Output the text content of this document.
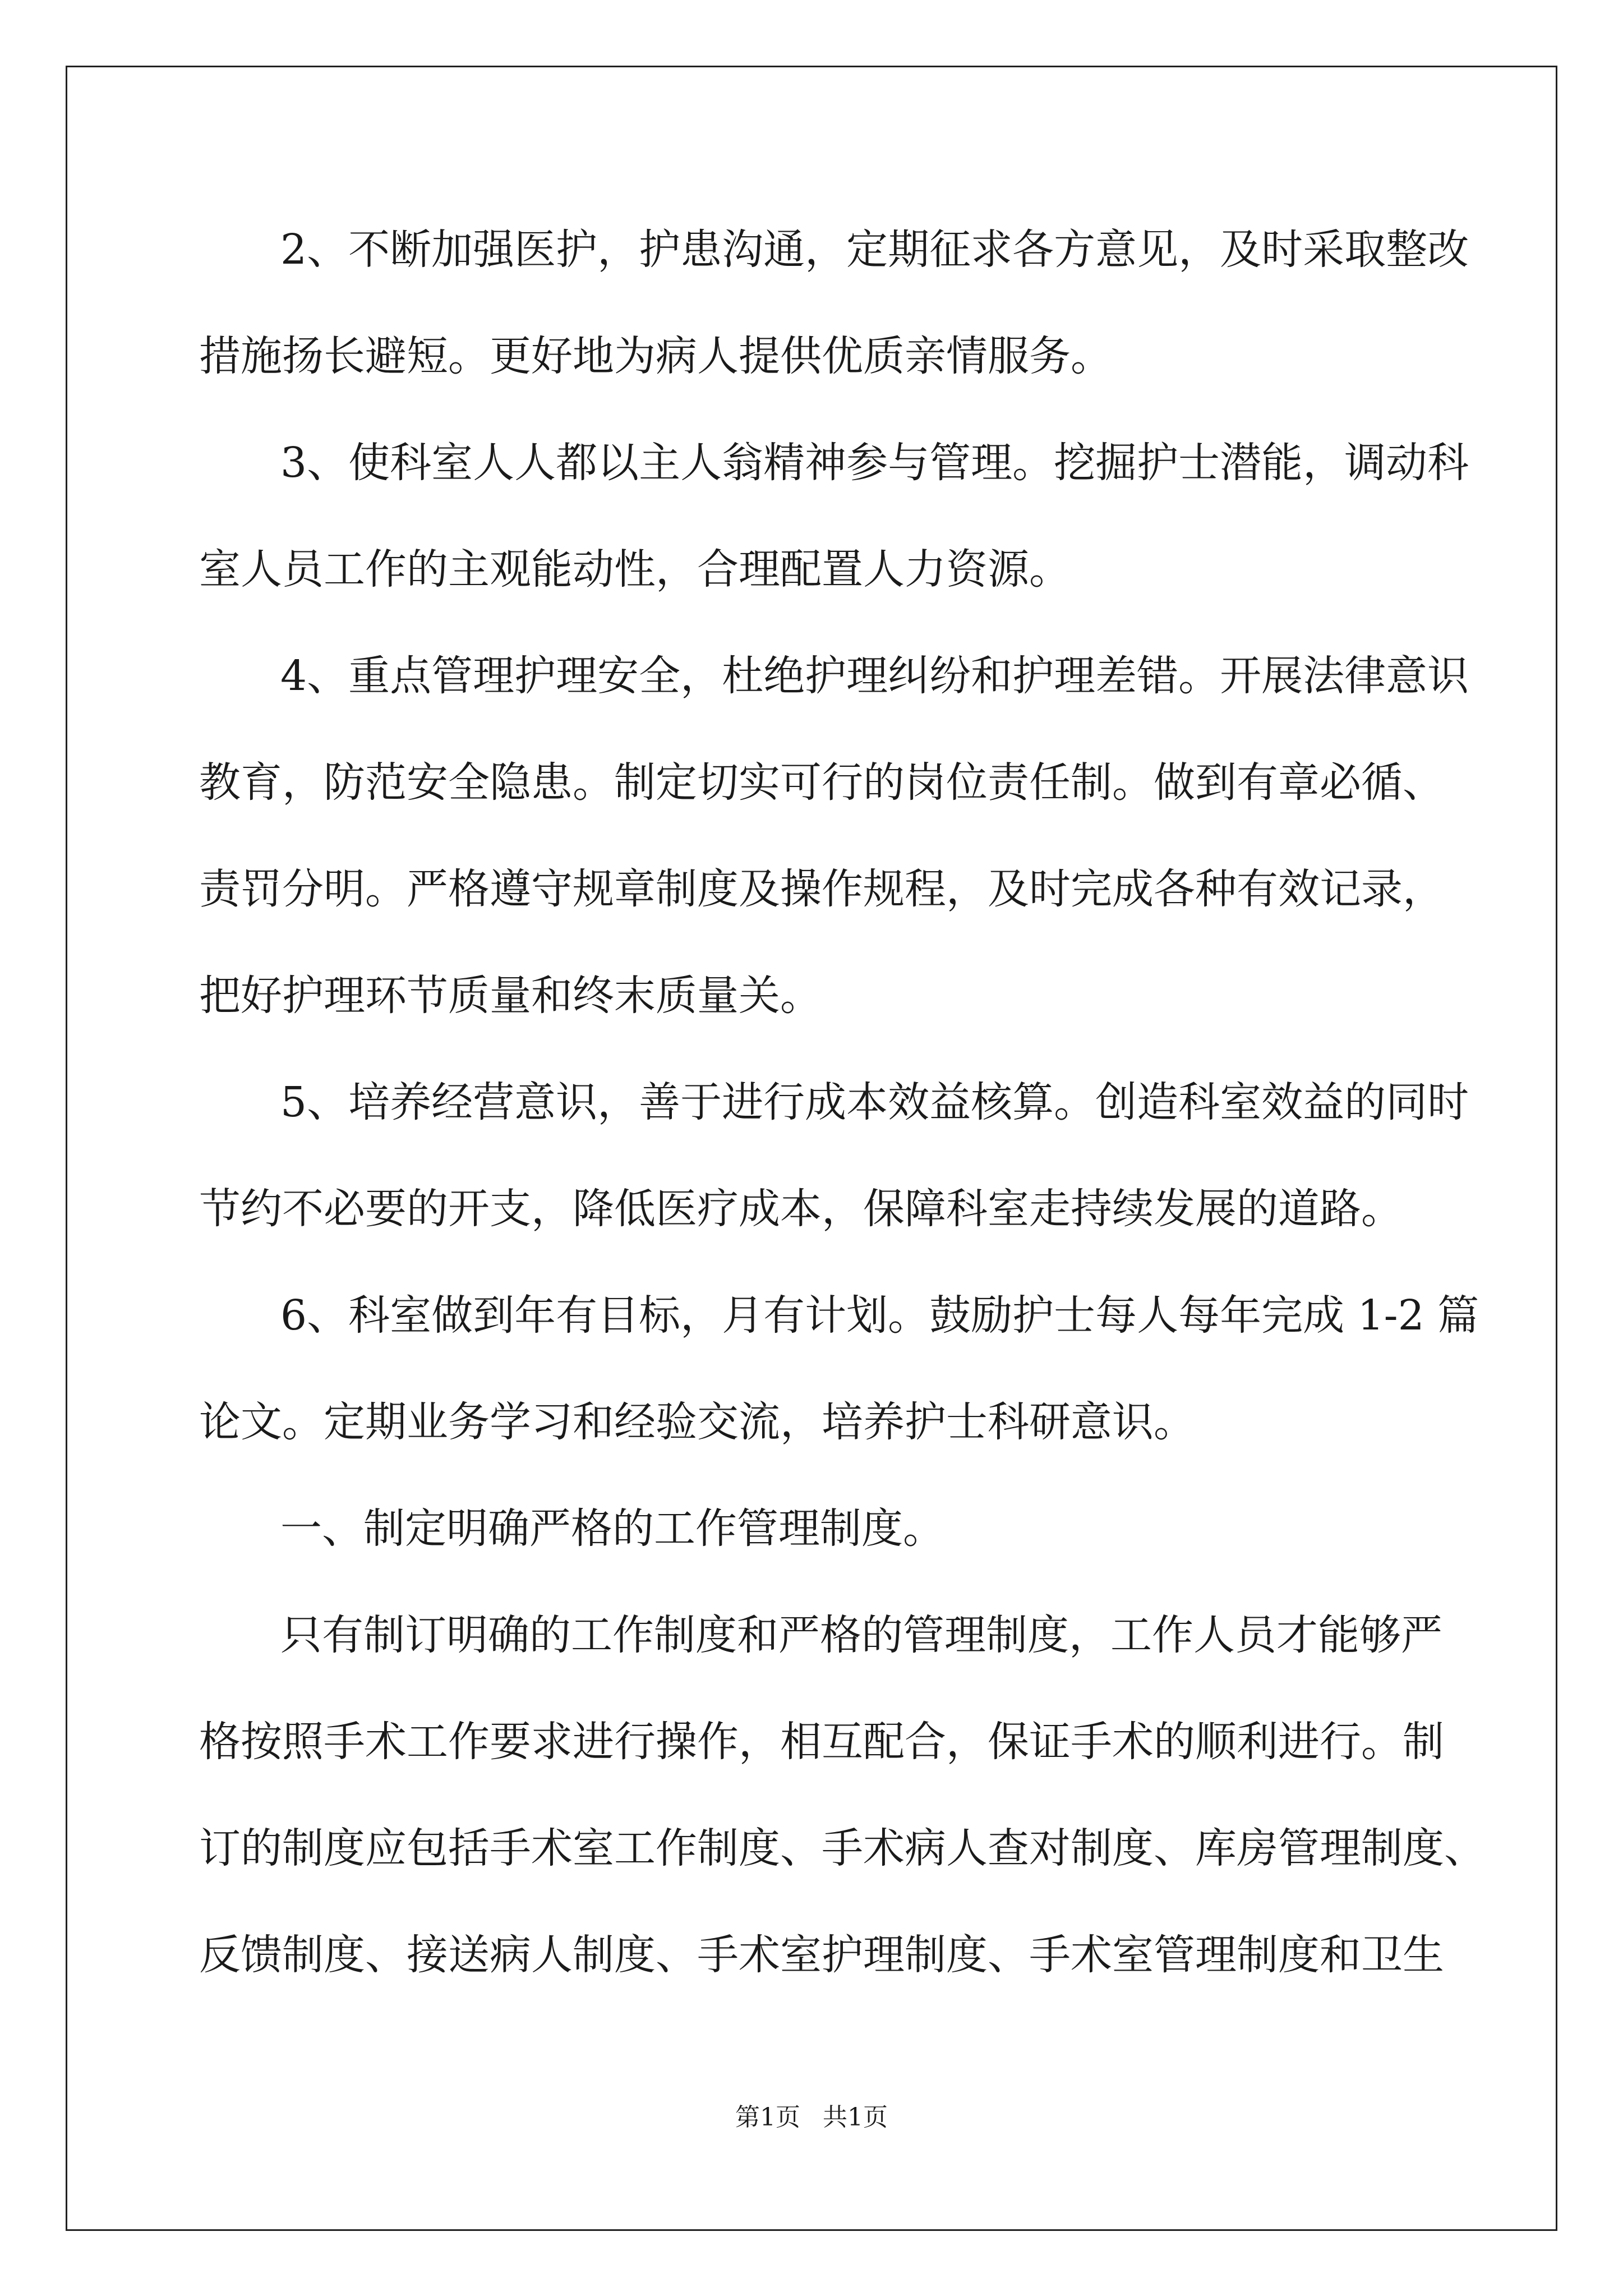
2、不断加强医护，护患沟通，定期征求各方意见，及时采取整改

措施扬长避短。更好地为病人提供优质亲情服务。

3、使科室人人都以主人翁精神参与管理。挖掘护士潜能，调动科

室人员工作的主观能动性，合理配置人力资源。

4、重点管理护理安全，杜绝护理纠纷和护理差错。开展法律意识

教育，防范安全隐患。制定切实可行的岗位责任制。做到有章必循、

责罚分明。严格遵守规章制度及操作规程，及时完成各种有效记录，

把好护理环节质量和终末质量关。

5、培养经营意识，善于进行成本效益核算。创造科室效益的同时

节约不必要的开支，降低医疗成本，保障科室走持续发展的道路。

6、科室做到年有目标，月有计划。鼓励护士每人每年完成 1-2 篇

论文。定期业务学习和经验交流，培养护士科研意识。

一、制定明确严格的工作管理制度。

只有制订明确的工作制度和严格的管理制度，工作人员才能够严

格按照手术工作要求进行操作，相互配合，保证手术的顺利进行。制

订的制度应包括手术室工作制度、手术病人查对制度、库房管理制度、

反馈制度、接送病人制度、手术室护理制度、手术室管理制度和卫生

第1页 共1页
